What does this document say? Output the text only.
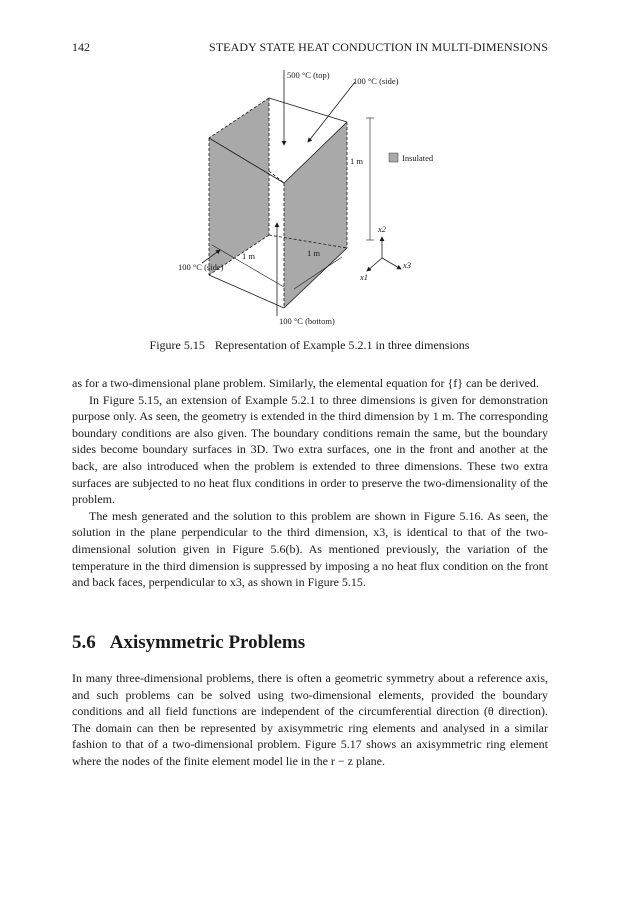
142	STEADY STATE HEAT CONDUCTION IN MULTI-DIMENSIONS
500 °C (top)
100 °C (side)
1 m	Insulated
x2
x3
x1
1 m	1 m
100 °C (side)
100 °C (bottom)
Figure 5.15 Representation of Example 5.2.1 in three dimensions

as for a two-dimensional plane problem. Similarly, the elemental equation for {f} can be derived.

In Figure 5.15, an extension of Example 5.2.1 to three dimensions is given for demonstration purpose only. As seen, the geometry is extended in the third dimension by 1 m. The corresponding boundary conditions are also given. The boundary conditions remain the same, but the boundary sides become boundary surfaces in 3D. Two extra surfaces, one in the front and another at the back, are also introduced when the problem is extended to three dimensions. These two extra surfaces are subjected to no heat flux conditions in order to preserve the two-dimensionality of the problem.

The mesh generated and the solution to this problem are shown in Figure 5.16. As seen, the solution in the plane perpendicular to the third dimension, x3, is identical to that of the two-dimensional solution given in Figure 5.6(b). As mentioned previously, the variation of the temperature in the third dimension is suppressed by imposing a no heat flux condition on the front and back faces, perpendicular to x3, as shown in Figure 5.15.

5.6 Axisymmetric Problems

In many three-dimensional problems, there is often a geometric symmetry about a reference axis, and such problems can be solved using two-dimensional elements, provided the boundary conditions and all field functions are independent of the circumferential direction (θ direction). The domain can then be represented by axisymmetric ring elements and analysed in a similar fashion to that of a two-dimensional problem. Figure 5.17 shows an axisymmetric ring element where the nodes of the finite element model lie in the r − z plane.
